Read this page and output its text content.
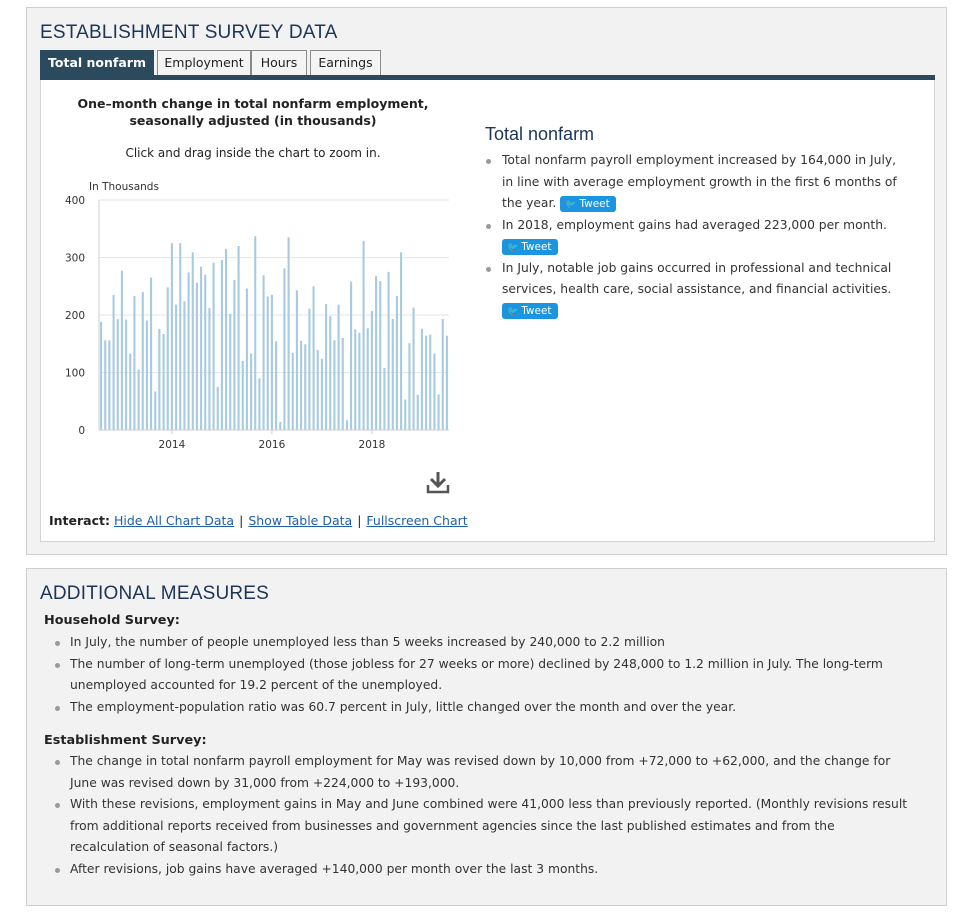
ESTABLISHMENT SURVEY DATA
Total nonfarm	Employment	Hours	Earnings
One–month change in total nonfarm employment,
seasonally adjusted (in thousands)
Click and drag inside the chart to zoom in.
In Thousands
0
100
200
300
400
2014	2016	2018
Interact: Hide All Chart Data | Show Table Data | Fullscreen Chart
Total nonfarm
Total nonfarm payroll employment increased by 164,000 in July, in line with average employment growth in the first 6 months of the year. 🐦 Tweet
In 2018, employment gains had averaged 223,000 per month.
🐦 Tweet
In July, notable job gains occurred in professional and technical services, health care, social assistance, and financial activities.
🐦 Tweet
ADDITIONAL MEASURES
Household Survey:
In July, the number of people unemployed less than 5 weeks increased by 240,000 to 2.2 million
The number of long-term unemployed (those jobless for 27 weeks or more) declined by 248,000 to 1.2 million in July. The long-term unemployed accounted for 19.2 percent of the unemployed.
The employment-population ratio was 60.7 percent in July, little changed over the month and over the year.
Establishment Survey:
The change in total nonfarm payroll employment for May was revised down by 10,000 from +72,000 to +62,000, and the change for June was revised down by 31,000 from +224,000 to +193,000.
With these revisions, employment gains in May and June combined were 41,000 less than previously reported. (Monthly revisions result from additional reports received from businesses and government agencies since the last published estimates and from the recalculation of seasonal factors.)
After revisions, job gains have averaged +140,000 per month over the last 3 months.
